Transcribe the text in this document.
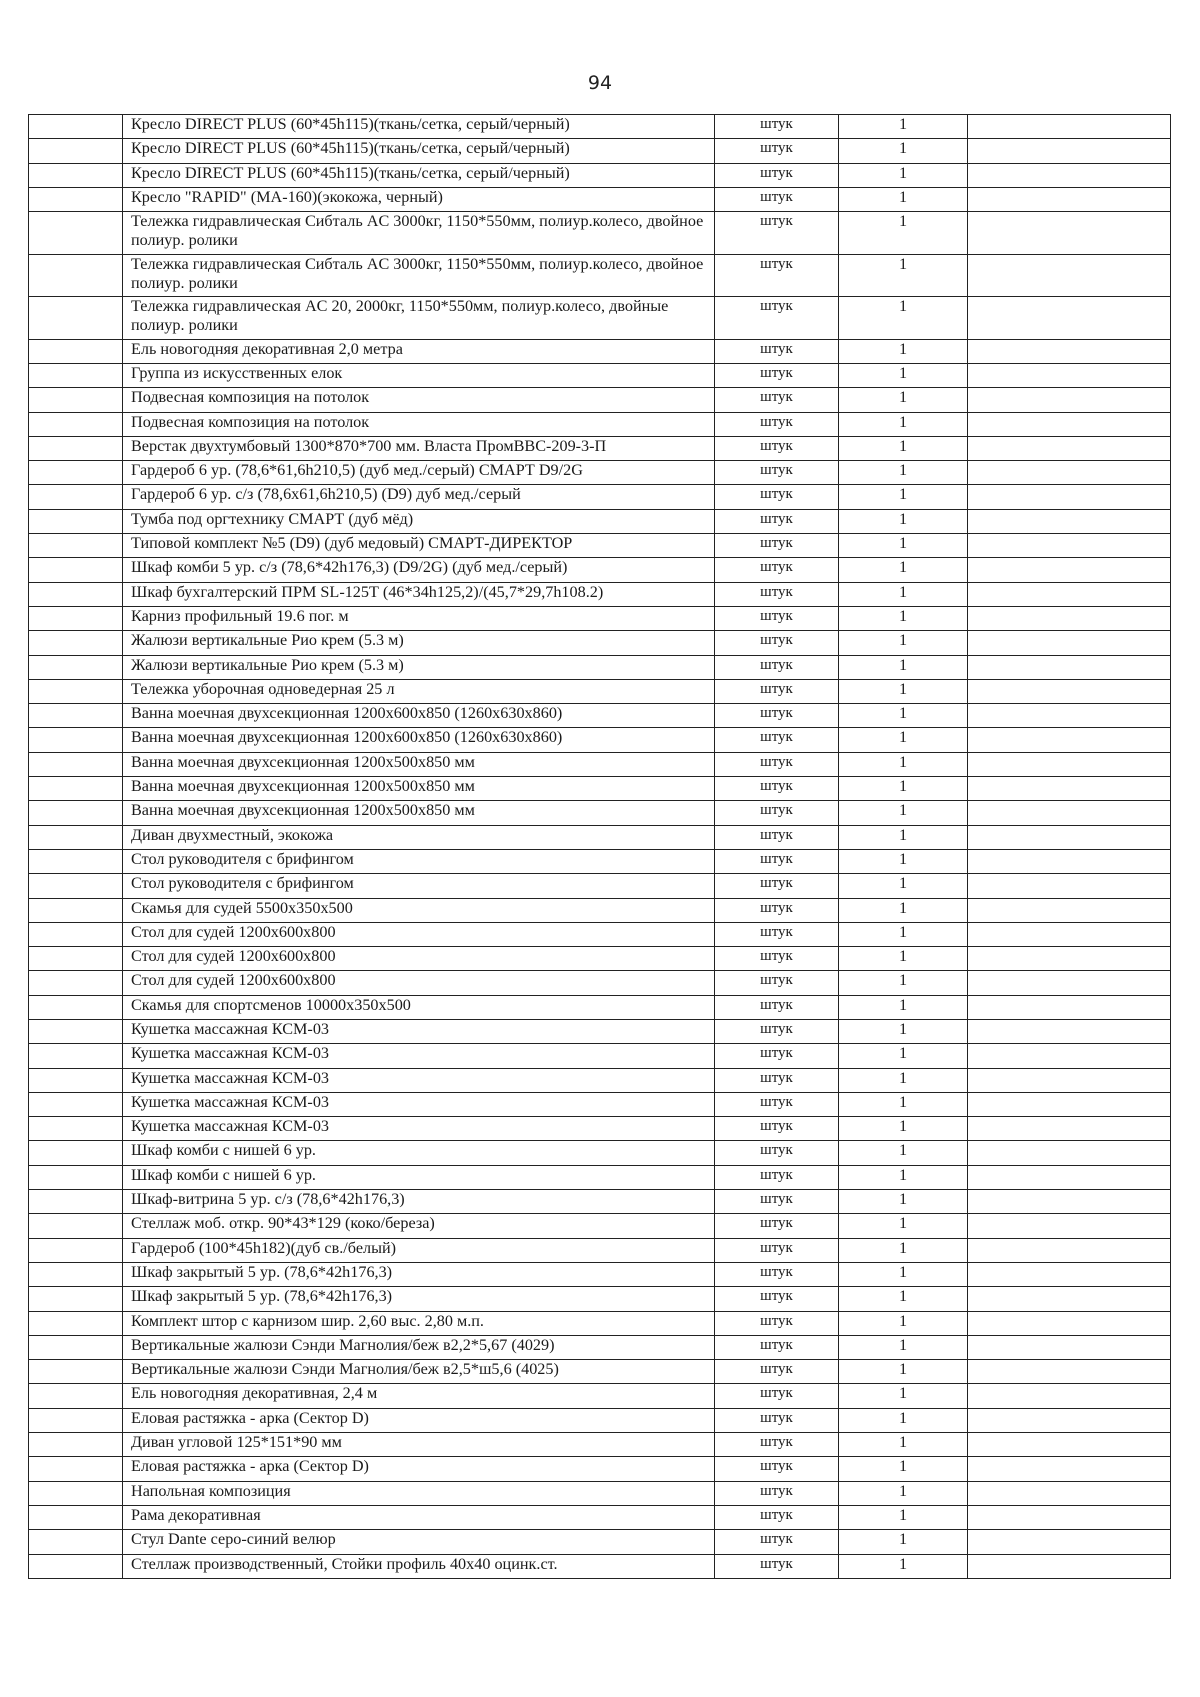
94
	Кресло DIRECT PLUS (60*45h115)(ткань/сетка, серый/черный)	штук	1	
	Кресло DIRECT PLUS (60*45h115)(ткань/сетка, серый/черный)	штук	1	
	Кресло DIRECT PLUS (60*45h115)(ткань/сетка, серый/черный)	штук	1	
	Кресло "RAPID" (MA-160)(экокожа, черный)	штук	1	
	Тележка гидравлическая Сибталь AC 3000кг, 1150*550мм, полиур.колесо, двойное полиур. ролики	штук	1	
	Тележка гидравлическая Сибталь AC 3000кг, 1150*550мм, полиур.колесо, двойное полиур. ролики	штук	1	
	Тележка гидравлическая AC 20, 2000кг, 1150*550мм, полиур.колесо, двойные полиур. ролики	штук	1	
	Ель новогодняя декоративная 2,0 метра	штук	1	
	Группа из искусственных елок	штук	1	
	Подвесная композиция на потолок	штук	1	
	Подвесная композиция на потолок	штук	1	
	Верстак двухтумбовый 1300*870*700 мм. Власта ПромВВС-209-3-П	штук	1	
	Гардероб 6 ур. (78,6*61,6h210,5) (дуб мед./серый) СМАРТ D9/2G	штук	1	
	Гардероб 6 ур. с/з (78,6х61,6h210,5) (D9) дуб мед./серый	штук	1	
	Тумба под оргтехнику СМАРТ (дуб мёд)	штук	1	
	Типовой комплект №5 (D9) (дуб медовый) СМАРТ-ДИРЕКТОР	штук	1	
	Шкаф комби 5 ур. с/з (78,6*42h176,3) (D9/2G) (дуб мед./серый)	штук	1	
	Шкаф бухгалтерский ПРМ SL-125Т (46*34h125,2)/(45,7*29,7h108.2)	штук	1	
	Карниз профильный 19.6 пог. м	штук	1	
	Жалюзи вертикальные Рио крем (5.3 м)	штук	1	
	Жалюзи вертикальные Рио крем (5.3 м)	штук	1	
	Тележка уборочная одноведерная 25 л	штук	1	
	Ванна моечная двухсекционная 1200х600х850 (1260х630х860)	штук	1	
	Ванна моечная двухсекционная 1200х600х850 (1260х630х860)	штук	1	
	Ванна моечная двухсекционная 1200х500х850 мм	штук	1	
	Ванна моечная двухсекционная 1200х500х850 мм	штук	1	
	Ванна моечная двухсекционная 1200х500х850 мм	штук	1	
	Диван двухместный, экокожа	штук	1	
	Стол руководителя с брифингом	штук	1	
	Стол руководителя с брифингом	штук	1	
	Скамья для судей 5500х350х500	штук	1	
	Стол для судей 1200х600х800	штук	1	
	Стол для судей 1200х600х800	штук	1	
	Стол для судей 1200х600х800	штук	1	
	Скамья для спортсменов 10000х350х500	штук	1	
	Кушетка массажная КСМ-03	штук	1	
	Кушетка массажная КСМ-03	штук	1	
	Кушетка массажная КСМ-03	штук	1	
	Кушетка массажная КСМ-03	штук	1	
	Кушетка массажная КСМ-03	штук	1	
	Шкаф комби с нишей 6 ур.	штук	1	
	Шкаф комби с нишей 6 ур.	штук	1	
	Шкаф-витрина 5 ур. с/з (78,6*42h176,3)	штук	1	
	Стеллаж моб. откр. 90*43*129 (коко/береза)	штук	1	
	Гардероб (100*45h182)(дуб св./белый)	штук	1	
	Шкаф закрытый 5 ур. (78,6*42h176,3)	штук	1	
	Шкаф закрытый 5 ур. (78,6*42h176,3)	штук	1	
	Комплект штор с карнизом шир. 2,60 выс. 2,80 м.п.	штук	1	
	Вертикальные жалюзи Сэнди Магнолия/беж в2,2*5,67 (4029)	штук	1	
	Вертикальные жалюзи Сэнди Магнолия/беж в2,5*ш5,6 (4025)	штук	1	
	Ель новогодняя декоративная, 2,4 м	штук	1	
	Еловая растяжка - арка (Сектор D)	штук	1	
	Диван угловой 125*151*90 мм	штук	1	
	Еловая растяжка - арка (Сектор D)	штук	1	
	Напольная композиция	штук	1	
	Рама декоративная	штук	1	
	Стул Dante серо-синий велюр	штук	1	
	Стеллаж производственный, Стойки профиль 40х40 оцинк.ст.	штук	1	
